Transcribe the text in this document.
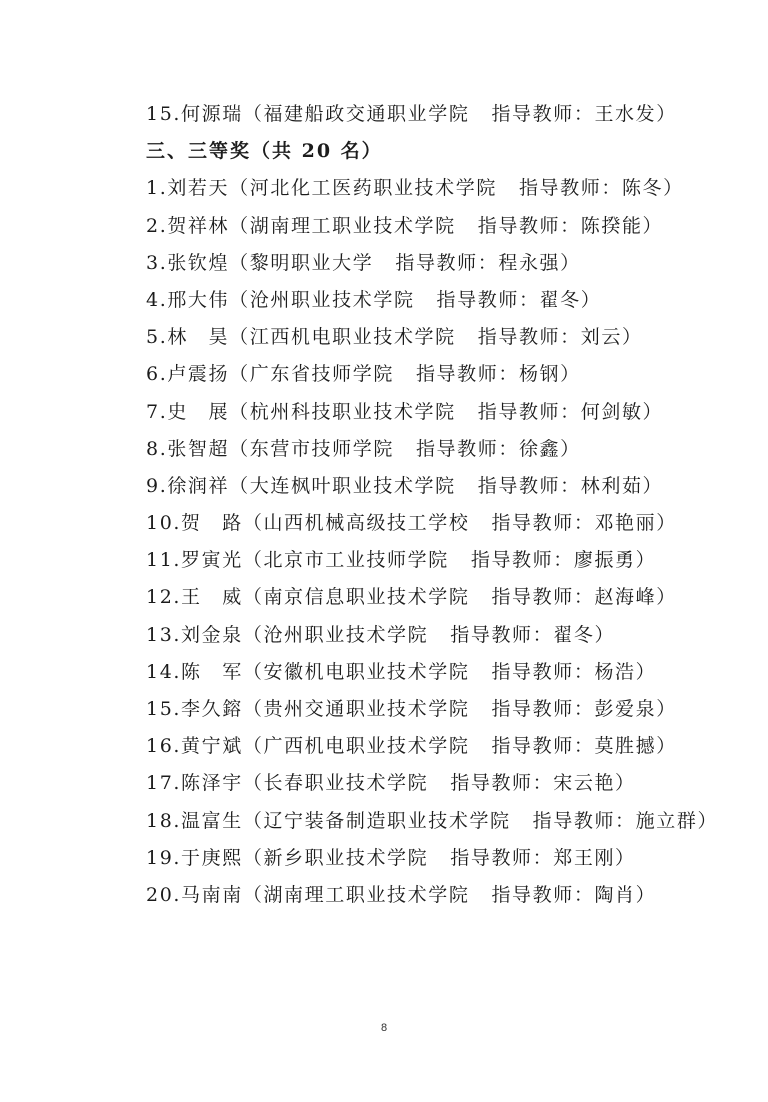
15.何源瑞（福建船政交通职业学院 指导教师：王水发）
三、三等奖（共 20 名）
1.刘若天（河北化工医药职业技术学院 指导教师：陈冬）
2.贺祥林（湖南理工职业技术学院 指导教师：陈揆能）
3.张钦煌（黎明职业大学 指导教师：程永强）
4.邢大伟（沧州职业技术学院 指导教师：翟冬）
5.林　昊（江西机电职业技术学院 指导教师：刘云）
6.卢震扬（广东省技师学院 指导教师：杨钢）
7.史　展（杭州科技职业技术学院 指导教师：何剑敏）
8.张智超（东营市技师学院 指导教师：徐鑫）
9.徐润祥（大连枫叶职业技术学院 指导教师：林利茹）
10.贺　路（山西机械高级技工学校 指导教师：邓艳丽）
11.罗寅光（北京市工业技师学院 指导教师：廖振勇）
12.王　威（南京信息职业技术学院 指导教师：赵海峰）
13.刘金泉（沧州职业技术学院 指导教师：翟冬）
14.陈　军（安徽机电职业技术学院 指导教师：杨浩）
15.李久鎔（贵州交通职业技术学院 指导教师：彭爱泉）
16.黄宁斌（广西机电职业技术学院 指导教师：莫胜撼）
17.陈泽宇（长春职业技术学院 指导教师：宋云艳）
18.温富生（辽宁装备制造职业技术学院 指导教师：施立群）
19.于庚熙（新乡职业技术学院 指导教师：郑王刚）
20.马南南（湖南理工职业技术学院 指导教师：陶肖）
8
